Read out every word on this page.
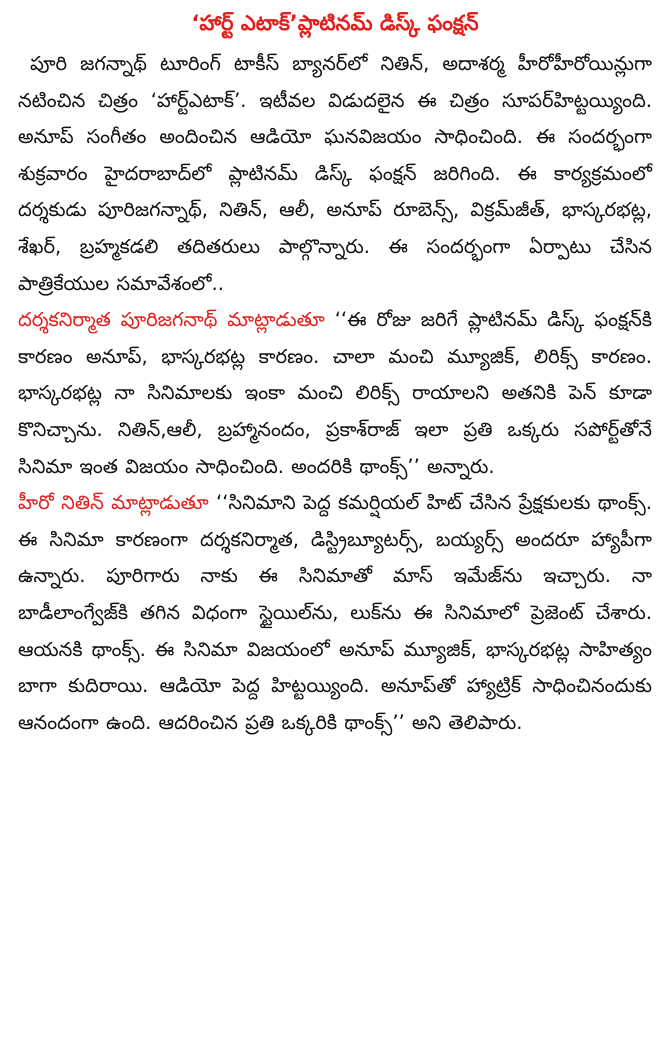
‘హార్ట్ ఎటాక్’ప్లాటినమ్ డిస్క్ ఫంక్షన్

పూరి జగన్నాథ్ టూరింగ్ టాకీస్ బ్యానర్‌లో నితిన్, అదాశర్మ హీరోహీరోయిన్లుగా నటించిన చిత్రం ‘హార్ట్‌ఎటాక్’. ఇటీవల విడుదలైన ఈ చిత్రం సూపర్‌హిట్టయ్యింది. అనూప్ సంగీతం అందించిన ఆడియో ఘనవిజయం సాధించింది. ఈ సందర్భంగా శుక్రవారం హైదరాబాద్‌లో ప్లాటినమ్ డిస్క్ ఫంక్షన్ జరిగింది. ఈ కార్యక్రమంలో దర్శకుడు పూరిజగన్నాథ్, నితిన్, ఆలీ, అనూప్ రూబెన్స్, విక్రమ్‌జీత్, భాస్కరభట్ల, శేఖర్, బ్రహ్మకడలి తదితరులు పాల్గొన్నారు. ఈ సందర్భంగా ఏర్పాటు చేసిన పాత్రికేయుల సమావేశంలో..

దర్శకనిర్మాత పూరిజగనాథ్ మాట్లాడుతూ ‘‘ఈ రోజు జరిగే ప్లాటినమ్ డిస్క్ ఫంక్షన్‌కి కారణం అనూప్, భాస్కరభట్ల కారణం. చాలా మంచి మ్యూజిక్, లిరిక్స్ కారణం. భాస్కరభట్ల నా సినిమాలకు ఇంకా మంచి లిరిక్స్ రాయాలని అతనికి పెన్ కూడా కొనిచ్చాను. నితిన్,ఆలీ, బ్రహ్మానందం, ప్రకాశ్‌రాజ్ ఇలా ప్రతి ఒక్కరు సపోర్ట్‌తోనే సినిమా ఇంత విజయం సాధించింది. అందరికి థాంక్స్’’ అన్నారు.

హీరో నితిన్ మాట్లాడుతూ ‘‘సినిమాని పెద్ద కమర్షియల్ హిట్ చేసిన ప్రేక్షకులకు థాంక్స్. ఈ సినిమా కారణంగా దర్శకనిర్మాత, డిస్ట్రిబ్యూటర్స్, బయ్యర్స్ అందరూ హ్యాపీగా ఉన్నారు. పూరిగారు నాకు ఈ సినిమాతో మాస్ ఇమేజ్‌ను ఇచ్చారు. నా బాడీలాంగ్వేజ్‌కి తగిన విధంగా స్టైయిల్‌ను, లుక్‌ను ఈ సినిమాలో ప్రెజెంట్ చేశారు. ఆయనకి థాంక్స్. ఈ సినిమా విజయంలో అనూప్ మ్యూజిక్, భాస్కరభట్ల సాహిత్యం బాగా కుదిరాయి. ఆడియో పెద్ద హిట్టయ్యింది. అనూప్‌తో హ్యాట్రిక్ సాధించినందుకు ఆనందంగా ఉంది. ఆదరించిన ప్రతి ఒక్కరికి థాంక్స్’’ అని తెలిపారు.
